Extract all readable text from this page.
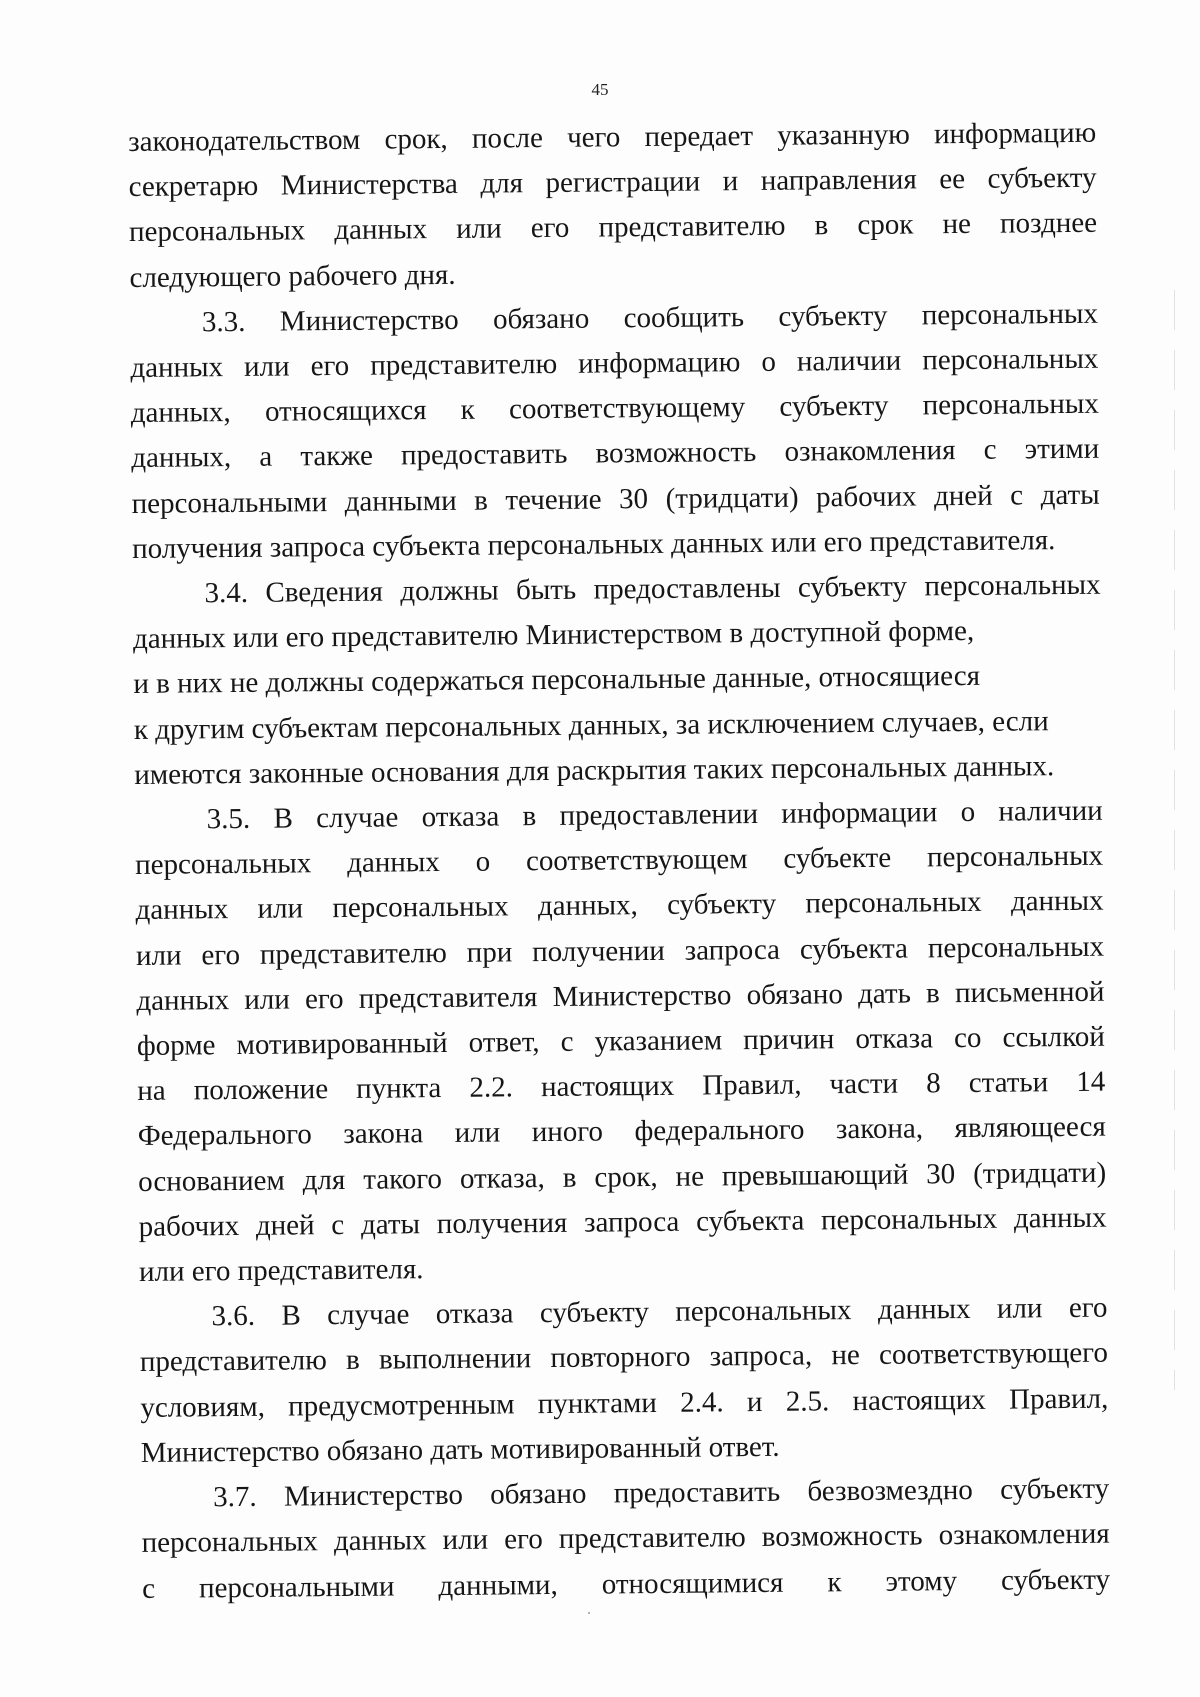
45

законодательством срок, после чего передает указанную информацию
секретарю Министерства для регистрации и направления ее субъекту
персональных данных или его представителю в срок не позднее
следующего рабочего дня.

3.3. Министерство обязано сообщить субъекту персональных
данных или его представителю информацию о наличии персональных
данных, относящихся к соответствующему субъекту персональных
данных, а также предоставить возможность ознакомления с этими
персональными данными в течение 30 (тридцати) рабочих дней с даты
получения запроса субъекта персональных данных или его представителя.

3.4. Сведения должны быть предоставлены субъекту персональных
данных или его представителю Министерством в доступной форме,
и в них не должны содержаться персональные данные, относящиеся
к другим субъектам персональных данных, за исключением случаев, если
имеются законные основания для раскрытия таких персональных данных.

3.5. В случае отказа в предоставлении информации о наличии
персональных данных о соответствующем субъекте персональных
данных или персональных данных, субъекту персональных данных
или его представителю при получении запроса субъекта персональных
данных или его представителя Министерство обязано дать в письменной
форме мотивированный ответ, с указанием причин отказа со ссылкой
на положение пункта 2.2. настоящих Правил, части 8 статьи 14
Федерального закона или иного федерального закона, являющееся
основанием для такого отказа, в срок, не превышающий 30 (тридцати)
рабочих дней с даты получения запроса субъекта персональных данных
или его представителя.

3.6. В случае отказа субъекту персональных данных или его
представителю в выполнении повторного запроса, не соответствующего
условиям, предусмотренным пунктами 2.4. и 2.5. настоящих Правил,
Министерство обязано дать мотивированный ответ.

3.7. Министерство обязано предоставить безвозмездно субъекту
персональных данных или его представителю возможность ознакомления
с персональными данными, относящимися к этому субъекту
